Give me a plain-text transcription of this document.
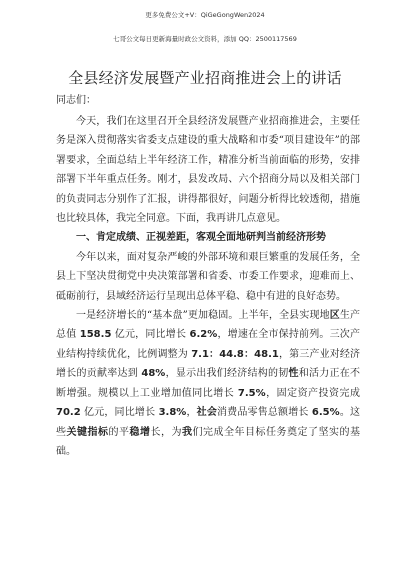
更多免费公文+V：QiGeGongWen2024
七哥公文每日更新海量时政公文资料，添加 QQ：2500117569
全县经济发展暨产业招商推进会上的讲话
同志们：

今天，我们在这里召开全县经济发展暨产业招商推进会，主要任务是深入贯彻落实省委支点建设的重大战略和市委“项目建设年”的部署要求，全面总结上半年经济工作，精准分析当前面临的形势，安排部署下半年重点任务。刚才，县发改局、六个招商分局以及相关部门的负责同志分别作了汇报，讲得都很好，问题分析得比较透彻，措施也比较具体，我完全同意。下面，我再讲几点意见。

一、肯定成绩、正视差距，客观全面地研判当前经济形势

今年以来，面对复杂严峻的外部环境和艰巨繁重的发展任务，全县上下坚决贯彻党中央决策部署和省委、市委工作要求，迎难而上、砥砺前行，县域经济运行呈现出总体平稳、稳中有进的良好态势。

一是经济增长的“基本盘”更加稳固。上半年，全县实现地区生产总值 158.5 亿元，同比增长 6.2%，增速在全市保持前列。三次产业结构持续优化，比例调整为 7.1：44.8：48.1，第三产业对经济增长的贡献率达到 48%，显示出我们经济结构的韧性和活力正在不断增强。规模以上工业增加值同比增长 7.5%，固定资产投资完成 70.2 亿元，同比增长 3.8%，社会消费品零售总额增长 6.5%。这些关键指标的平稳增长，为我们完成全年目标任务奠定了坚实的基础。
